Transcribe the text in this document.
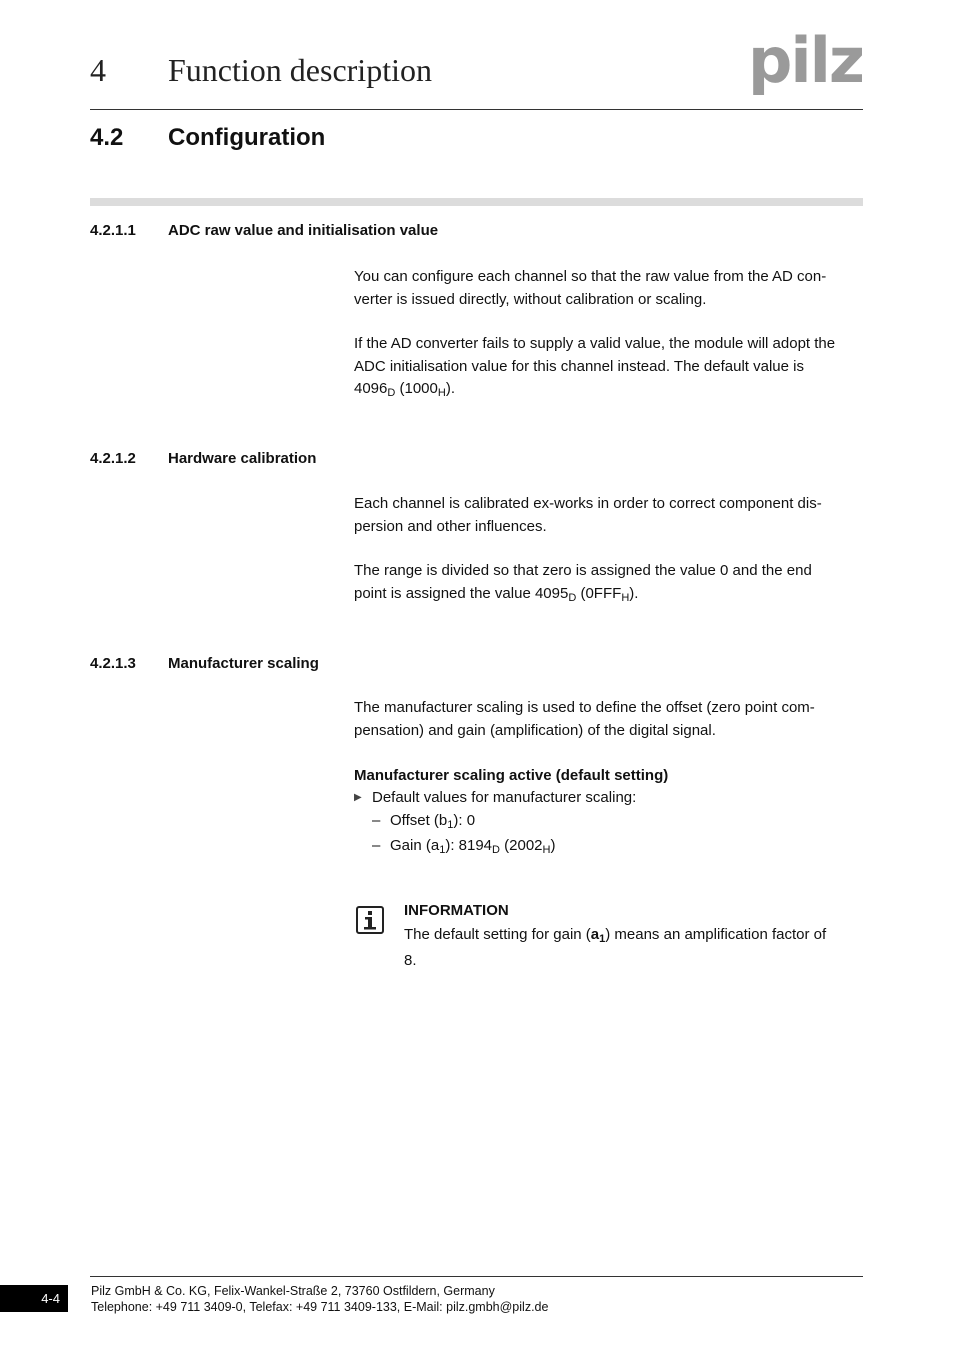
4 Function description	pilz
4.2 Configuration
4.2.1.1 ADC raw value and initialisation value
You can configure each channel so that the raw value from the AD con-
verter is issued directly, without calibration or scaling.
If the AD converter fails to supply a valid value, the module will adopt the
ADC initialisation value for this channel instead. The default value is
$4096_D$ $(1000_H)$.
4.2.1.2 Hardware calibration
Each channel is calibrated ex-works in order to correct component dis-
persion and other influences.
The range is divided so that zero is assigned the value 0 and the end
point is assigned the value $4095_D$ $(0FFF_H)$.
4.2.1.3 Manufacturer scaling
The manufacturer scaling is used to define the offset (zero point com-
pensation) and gain (amplification) of the digital signal.
Manufacturer scaling active (default setting)
▶ Default values for manufacturer scaling:
– Offset $(b_1)$: 0
– Gain $(a_1)$: $8194_D$ $(2002_H)$
INFORMATION
The default setting for gain $(a_1)$ means an amplification factor of
8.
4-4	Pilz GmbH & Co. KG, Felix-Wankel-Straße 2, 73760 Ostfildern, Germany
Telephone: +49 711 3409-0, Telefax: +49 711 3409-133, E-Mail: pilz.gmbh@pilz.de
